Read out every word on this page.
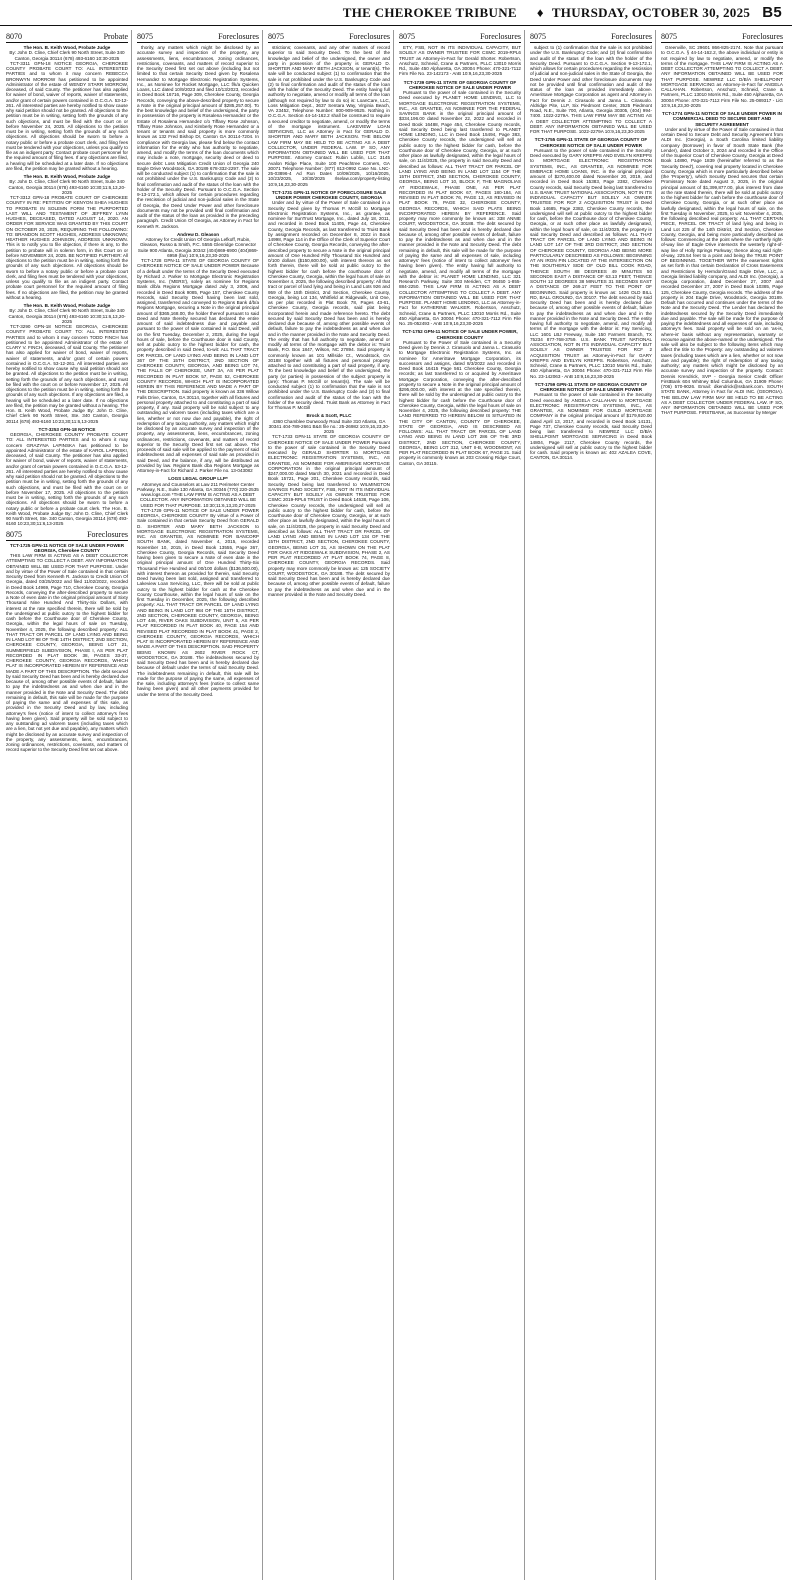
THE CHEROKEE TRIBUNE ♦ THURSDAY, OCTOBER 30, 2025 B5
8070	Probate
The Hon. B. Keith Wood, Probate Judge
By: John D. Cline, Chief Clerk 90 North Street, Suite 340 Canton, Georgia 30114 (678) 493-6160 10:30-2025
TCT-3311 GPN-18 NOTICE GEORGIA, CHEROKEE COUNTY PROBATE COURT TO: ALL INTERESTED PARTIES and to whom it may concern REBECCA BRONWYN MORROW has petitioned to be appointed Administrator of the estate of WENDY STARR MORROW, deceased, of said County. The petitioner has also applied for waiver of bond, waiver of reports, waiver of statements, and/or grant of certain powers contained in O.C.G.A. 53-12-261. All interested parties are hereby notified to show cause why said petition should not be granted. All objections to the petition must be in writing, setting forth the grounds of any such objections, and must be filed with the court on or before November 24, 2025. All objections to the petition must be in writing, setting forth the grounds of any such objections. All objections should be sworn to before a notary public or before a probate court clerk, and filing fees must be tendered with your objections, unless you qualify to file as an indigent party. Contact probate court personnel for the required amount of filing fees. If any objections are filed, a hearing will be scheduled at a later date. If no objections are filed, the petition may be granted without a hearing.
The Hon. B. Keith Wood, Probate Judge
By: John D. Cline, Chief Clerk 90 North Street, Suite 340 Canton, Georgia 30114 (678) 493-6160 10:30;11:6,13,20-2025
TCT-3312 GPN-18 PROBATE COURT OF CHEROKEE COUNTY IN RE: PETITION OF KENYON SHEA HUGHES TO PROBATE IN SOLEMN FORM THE PURPORTED LAST WILL AND TESTAMENT OF JEFFREY LYNN HUGHES, DECEASED, DATED AUGUST 14, 2020. AN ORDER FOR SERVICE WAS GRANTED BY THIS COURT ON OCTOBER 20, 2025, REQUIRING THE FOLLOWING: TO: BRANDON SCOTT HUGHES, ADDRESS UNKNOWN; HEATHER HUGHES JOHNSON, ADDRESS UNKNOWN. This is to notify you to file objection, if there is any, to the petition to probate will in solemn form, in this Court on or before NOVEMBER 24, 2025. BE NOTIFIED FURTHER: All objections to the petition must be in writing, setting forth the grounds of any such objections. All objections should be sworn to before a notary public or before a probate court clerk, and filing fees must be tendered with your objections, unless you qualify to file as an indigent party. Contact probate court personnel for the required amount of filing fees. If no objections are filed, the petition may be granted without a hearing.
The Hon. B. Keith Wood, Probate Judge
By: John D. Cline, Chief Clerk 90 North Street, Suite 340 Canton, Georgia 30114 (678) 493-6160 10:30;11:6,13,20-2025
TCT-3290 GPN-18 NOTICE GEORGIA, CHEROKEE COUNTY PROBATE COURT TO: ALL INTERESTED PARTIES and to whom it may concern TODD FINCH has petitioned to be appointed Administrator of the estate of CLARY V. FINCH, deceased, of said County. The petitioner has also applied for waiver of bond, waiver of reports, waiver of statements, and/or grant of certain powers contained in O.C.G.A. 53-12-261. All interested parties are hereby notified to show cause why said petition should not be granted. All objections to the petition must be in writing, setting forth the grounds of any such objections, and must be filed with the court on or before November 17, 2025. All objections to the petition must be in writing, setting forth the grounds of any such objections. If any objections are filed, a hearing will be scheduled at a later date. If no objections are filed, the petition may be granted without a hearing. The Hon. B. Keith Wood, Probate Judge By: John D. Cline, Chief Clerk 90 North Street, Ste. 340 Canton, Georgia 30114 (678) 493-6160 10:23,30;11:6,13-2025
TCT-3253 GPN-18 NOTICE
GEORGIA, CHEROKEE COUNTY PROBATE COURT TO: ALL INTERESTED PARTIES and to whom it may concern GRAZYNA LAPINSKA has petitioned to be appointed Administrator of the estate of KAROL LAPINSKI, deceased, of said County. The petitioner has also applied for waiver of bond, waiver of reports, waiver of statements, and/or grant of certain powers contained in O.C.G.A. 53-12-261. All interested parties are hereby notified to show cause why said petition should not be granted. All objections to the petition must be in writing, setting forth the grounds of any such objections, and must be filed with the court on or before November 17, 2025. All objections to the petition must be in writing, setting forth the grounds of any such objections. All objections should be sworn to before a notary public or before a probate court clerk. The Hon. B. Keith Wood, Probate Judge By: John D. Cline, Chief Clerk 90 North Street, Ste. 340 Canton, Georgia 30114 (678) 493-6160 10:23,30;11:6,13-2025
8075	Foreclosures
TCT-1725 GPN-11 NOTICE OF SALE UNDER POWER GEORGIA, Cherokee COUNTY
THIS LAW FIRM IS ACTING AS A DEBT COLLECTOR ATTEMPTING TO COLLECT A DEBT. ANY INFORMATION OBTAINED WILL BE USED FOR THAT PURPOSE. Under and by virtue of the Power of Sale contained in that certain Security Deed from Kenneth R. Jackson to Credit Union Of Georgia, dated 03/25/2022 and filed 11/02/2022, recorded in Deed Book 14969, Page 710, Cherokee County, Georgia Records, conveying the after-described property to secure a Note of even date in the original principal amount of Sixty Thousand Nine Hundred And Thirty-Six Dollars, with interest at the rate specified therein, there will be sold by the undersigned at public outcry to the highest bidder for cash before the Courthouse door of Cherokee County, Georgia, within the legal hours of sale on Tuesday, November 4, 2025, the following described property: ALL THAT TRACT OR PARCEL OF LAND LYING AND BEING IN LAND LOT 98 OF THE 14TH DISTRICT, 2ND SECTION, CHEROKEE COUNTY, GEORGIA, BEING LOT 21, SUMMERFIELD SUBDIVISION, PHASE I, AS PER PLAT RECORDED IN PLAT BOOK 38, PAGES 33-37, CHEROKEE COUNTY, GEORGIA RECORDS, WHICH PLAT IS INCORPORATED HEREIN BY REFERENCE AND MADE A PART OF THIS DESCRIPTION. The debt secured by said Security Deed has been and is hereby declared due because of, among other possible events of default, failure to pay the indebtedness as and when due and in the manner provided in the Note and Security Deed. The debt remaining in default, this sale will be made for the purpose of paying the same and all expenses of this sale, as provided in the Security Deed and by law, including attorney's fees (notice of intent to collect attorney's fees having been given). Said property will be sold subject to any outstanding ad valorem taxes (including taxes which are a lien, but not yet due and payable), any matters which might be disclosed by an accurate survey and inspection of the property, any assessments, liens, encumbrances, zoning ordinances, restrictions, covenants, and matters of record superior to the Security Deed first set out above.
8075	Foreclosures
thority, any matters which might be disclosed by an accurate survey and inspection of the property, any assessments, liens, encumbrances, zoning ordinances, restrictions, covenants, and matters of record superior to the Security Deed first set out above (including but not limited to that certain Security Deed given by Rosalena Hernandez to Mortgage Electronic Registration Systems, Inc., as Nominee for Rocket Mortgage, LLC f/k/a Quicken Loans, LLC dated 10/9/2023 and filed 10/13/2023, recorded in Deed Book 16716, Page 309, Cherokee County, Georgia Records, conveying the above-described property to secure a Note in the original principal amount of $285,257.00). To the best knowledge and belief of the undersigned, the party in possession of the property is Rosalena Hernandez or the Estate of Rosalena Hernandez c/o Tiffany Rose Johnson, Tiffany Rose Johnson, and Kimberly Rose Hernandez or a tenant or tenants and said property is more commonly known as 132 Fred Bishop Dr, Canton GA 30114-7204. In compliance with Georgia law, please find below the contact information for the entity who has authority to negotiate, amend, and modify the terms of the loan documents which may include a note, mortgage, security deed or deed to secure debt: Loss Mitigation Credit Union of Georgia 240 Eagle Drive Woodstock, GA 30189 678-332-2297. The sale will be conducted subject (1) to confirmation that the sale is not prohibited under the U.S. Bankruptcy Code and (2) to final confirmation and audit of the status of the loan with the holder of the Security Deed. Pursuant to O.C.G.A. Section 9-13-172.1, which allows for certain procedures regarding the rescission of judicial and non-judicial sales in the State of Georgia, the Deed Under Power and other foreclosure documents may not be provided until final confirmation and audit of the status of the loan as provided in the preceding paragraph. Credit Union Of Georgia, as Attorney in Fact for Kenneth R. Jackson.
Andrew D. Gleason
Attorney for Credit Union Of Georgia Lefkoff, Rubin, Gleason, Russo & Smith, P.C. 5555 Glenridge Connector Suite 900 Atlanta, Georgia 30342 (404)869-6900 (404)869-6959 (fax) 10:9,16,23,30-2025
TCT-1728 GPN-11 STATE OF GEORGIA COUNTY OF CHEROKEE NOTICE OF SALE UNDER POWER Because of a default under the terms of the Security Deed executed by Richard J. Parker to Mortgage Electronic Registration Systems, Inc. ('MERS'), solely as nominee for Regions Bank d/b/a Regions Mortgage dated July 3, 2006, and recorded in Deed Book 9085, Page 157, Cherokee County Records, said Security Deed having been last sold, assigned, transferred and conveyed to Regions Bank d/b/a Regions Mortgage, securing a Note in the original principal amount of $365,168.00, the holder thereof pursuant to said Deed and Note thereby secured has declared the entire amount of said indebtedness due and payable and pursuant to the power of sale contained in said Deed, will on the first Tuesday, December 2, 2025, during the legal hours of sale, before the Courthouse door in said County, sell at public outcry to the highest bidder for cash, the property described in said Deed, to-wit: ALL THAT TRACT OR PARCEL OF LAND LYING AND BEING IN LAND LOT 367 OF THE 15TH DISTRICT, 2ND SECTION OF CHEROKEE COUNTY, GEORGIA, AND BEING LOT 74, THE FALLS OF CHEROKEE, UNIT 3A, AS PER PLAT RECORDED IN PLAT BOOK 57, PAGE 52, CHEROKEE COUNTY RECORDS, WHICH PLAT IS INCORPORATED HEREIN BY THIS REFERENCE AND MADE A PART OF THE DESCRIPTION. Said property is known as 336 Willow Falls Drive, Canton, GA 30114, together with all fixtures and personal property attached to and constituting a part of said property, if any. Said property will be sold subject to any outstanding ad valorem taxes (including taxes which are a lien, whether or not now due and payable), the right of redemption of any taxing authority, any matters which might be disclosed by an accurate survey and inspection of the property, any assessments, liens, encumbrances, zoning ordinances, restrictions, covenants, and matters of record superior to the Security Deed first set out above. The proceeds of said sale will be applied to the payment of said indebtedness and all expenses of said sale as provided in said Deed, and the balance, if any, will be distributed as provided by law. Regions Bank dba Regions Mortgage as Attorney-in-Fact for Richard J. Parker File no. 13-043082
LOGS LEGAL GROUP LLP*
Attorneys and Counselors at Law 211 Perimeter Center Parkway, N.E., Suite 130 Atlanta, GA 30346 (770) 220-2535 www.logs.com *THE LAW FIRM IS ACTING AS A DEBT COLLECTOR. ANY INFORMATION OBTAINED WILL BE USED FOR THAT PURPOSE. 10:30;11:6,13,20,27-2025
TCT-1729 GPN-11 NOTICE OF SALE UNDER POWER GEORGIA, CHEROKEE COUNTY By virtue of a Power of Sale contained in that certain Security Deed from GERALD D. SHORTER AND MARY BETH JACKSON to MORTGAGE ELECTRONIC REGISTRATION SYSTEMS, INC. AS GRANTEE, AS NOMINEE FOR BANCORP SOUTH BANK, dated November 4, 2015, recorded November 10, 2015, in Deed Book 13555, Page 367, Cherokee County, Georgia Records, said Security Deed having been given to secure a Note of even date in the original principal amount of One Hundred Thirty-Six Thousand Five Hundred and 00/100 dollars ($136,500.00), with interest thereon as provided for therein, said Security Deed having been last sold, assigned and transferred to Lakeview Loan Servicing, LLC, there will be sold at public outcry to the highest bidder for cash at the Cherokee County Courthouse, within the legal hours of sale on the first Tuesday in December, 2025, the following described property: ALL THAT TRACT OR PARCEL OF LAND LYING AND BEING IN LAND LOT 984 OF THE 15TH DISTRICT, 2ND SECTION, CHEROKEE COUNTY, GEORGIA, BEING LOT 446, RIVER OAKS SUBDIVISION, UNIT 5, AS PER PLAT RECORDED IN PLAT BOOK 40, PAGE 154 AND REVISED PLAT RECORDED IN PLAT BOOK 41, PAGE 2, CHEROKEE COUNTY, GEORGIA RECORDS, WHICH PLAT IS INCORPORATED HEREIN BY REFERENCE AND MADE A PART OF THIS DESCRIPTION. SAID PROPERTY BEING KNOWN AS 2602 RIVER ROCK CT, WOODSTOCK, GA 30188. The indebtedness secured by said Security Deed has been and is hereby declared due because of default under the terms of said Security Deed. The indebtedness remaining in default, this sale will be made for the purpose of paying the same, all expenses of the sale, including attorney's fees (notice to collect same having been given) and all other payments provided for under the terms of the Security Deed.
8075	Foreclosures
strictions; covenants, and any other matters of record superior to said Security Deed. To the best of the knowledge and belief of the undersigned, the owner and party in possession of the property is GERALD D. SHORTER AND MARY BETH JACKSON, or tenant(s). The sale will be conducted subject (1) to confirmation that the sale is not prohibited under the U.S. Bankruptcy Code and (2) to final confirmation and audit of the status of the loan with the holder of the Security Deed. The entity having full authority to negotiate, amend or modify all terms of the loan (although not required by law to do so) is: LoanCare, LLC, Loss Mitigation Dept., 3637 Sentara Way, Virginia Beach, VA 23452, Telephone Number: 800-909-9525. Nothing in O.C.G.A. Section 44-14-162.2 shall be construed to require a secured creditor to negotiate, amend, or modify the terms of the mortgage instrument. LAKEVIEW LOAN SERVICING, LLC as Attorney in Fact for GERALD D. SHORTER AND MARY BETH JACKSON. THE BELOW LAW FIRM MAY BE HELD TO BE ACTING AS A DEBT COLLECTOR, UNDER FEDERAL LAW. IF SO, ANY INFORMATION OBTAINED WILL BE USED FOR THAT PURPOSE. Attorney Contact: Rubin Lublin, LLC 3145 Avalon Ridge Place, Suite 100 Peachtree Corners, GA 30071 Telephone Number: (877) 813-0992 Case No. LNC-25-03896-4 Ad Run Dates 10/09/2025, 10/16/2025, 10/23/2025, 10/30/2025 rlselaw.com/property-listing 10:9,16,23,30-2025
TCT-1731 GPN-11 NOTICE OF FORECLOSURE SALE UNDER POWER CHEROKEE COUNTY, GEORGIA
Under and by virtue of the Power of Sale contained in a Security Deed given by Thomas P. McGill to Mortgage Electronic Registration Systems, Inc., as grantee, as nominee for SunTrust Mortgage, Inc., dated July 18, 2011, and recorded in Deed Book 11405, Page 44, Cherokee County, Georgia Records, as last transferred to Truist Bank by assignment recorded on December 8, 2022 in Book 14998, Page 114 in the Office of the Clerk of Superior Court of Cherokee County, Georgia Records, conveying the after-described property to secure a Note in the original principal amount of One Hundred Fifty Thousand Six Hundred and 0/100 dollars ($150,600.00), with interest thereon as set forth therein, there will be sold at public outcry to the highest bidder for cash before the courthouse door of Cherokee County, Georgia, within the legal hours of sale on November 4, 2025, the following described property: All that tract or parcel of land lying and being in Land Lots 926 and 959 of the 15th District, 2nd Section, Cherokee County, Georgia, being Lot 134, Whitfield at Ridgewalk, Unit One, as per plat recorded in Plat Book 78, Pages 43-61, Cherokee County, Georgia records, said plat being incorporated herein and made reference hereto. The debt secured by said Security Deed has been and is hereby declared due because of, among other possible events of default, failure to pay the indebtedness as and when due and in the manner provided in the Note and Security Deed. The entity that has full authority to negotiate, amend or modify all terms of the mortgage with the debtor is: Truist Bank, P.O. Box 1847, Wilson, NC 27894. Said property is commonly known as 101 Millside Ct., Woodstock, GA 30188 together with all fixtures and personal property attached to and constituting a part of said property, if any. To the best knowledge and belief of the undersigned, the party (or parties) in possession of the subject property is (are): Thomas P. McGill or tenant(s). The sale will be conducted subject (1) to confirmation that the sale is not prohibited under the U.S. Bankruptcy Code and (2) to final confirmation and audit of the status of the loan with the holder of the security deed. Truist Bank as Attorney in Fact for Thomas P. McGill
Brock & Scott, PLLC
4360 Chamblee Dunwoody Road Suite 310 Atlanta, GA 30341 404-789-2661 B&S file no.: 25-26982 10:9,16,23,30-2025
TCT-1733 GPN-11 STATE OF GEORGIA COUNTY OF CHEROKEE NOTICE OF SALE UNDER POWER Pursuant to the power of sale contained in the Security Deed executed by GERALD SHORTER to MORTGAGE ELECTRONIC REGISTRATION SYSTEMS, INC., AS GRANTEE, AS NOMINEE FOR AMERISAVE MORTGAGE CORPORATION in the original principal amount of $247,000.00 dated March 30, 2021 and recorded in Deed Book 15721, Page 201, Cherokee County records, said Security Deed being last transferred to WILMINGTON SAVINGS FUND SOCIETY, FSB, NOT IN ITS INDIVIDUAL CAPACITY BUT SOLELY AS OWNER TRUSTEE FOR CSMC 2019-RPL6 TRUST in Deed Book 14538, Page 106, Cherokee County records, the undersigned will sell at public outcry to the highest bidder for cash, before the Courthouse door of Cherokee County, Georgia, or at such other place as lawfully designated, within the legal hours of sale, on 11/4/2025, the property in said Security Deed and described as follows: ALL THAT TRACT OR PARCEL OF LAND LYING AND BEING IN LAND LOT 134 OF THE 15TH DISTRICT, 2ND SECTION, CHEROKEE COUNTY, GEORGIA, BEING LOT 31, AS SHOWN ON THE PLAT FOR OAKS AT RIDGEWALK SUBDIVISION, PHASE 2, AS PER PLAT RECORDED AT PLAT BOOK 74, PAGE 8, CHEROKEE COUNTY, GEORGIA RECORDS. Said property may more commonly be known as: 125 SOCIETY COURT, WOODSTOCK, GA 30188. The debt secured by said Security Deed has been and is hereby declared due because of, among other possible events of default, failure to pay the indebtedness as and when due and in the manner provided in the Note and Security Deed.
8075	Foreclosures
ETY, FSB, NOT IN ITS INDIVIDUAL CAPACITY, BUT SOLELY AS OWNER TRUSTEE FOR CSMC 2019-RPL6 TRUST as Attorney-in-Fact for Gerald Shorter. Robertson, Anschutz, Schneid, Crane & Partners, PLLC 13010 Morris Rd., Suite 450 Alpharetta, GA 30004 Phone: 470-321-7112 Firm File No. 23-142173 - AnB 10:9,16,23,30-2025
TCT-1739 GPN-11 STATE OF GEORGIA COUNTY OF CHEROKEE NOTICE OF SALE UNDER POWER
Pursuant to the power of sale contained in the Security Deed executed by PLANET HOME LENDING, LLC to MORTGAGE ELECTRONIC REGISTRATION SYSTEMS, INC., AS GRANTEE, AS NOMINEE FOR THE FEDERAL SAVINGS BANK in the original principal amount of $334,196.00 dated November 22, 2022 and recorded in Deed Book 16488, Page 454, Cherokee County records, said Security Deed being last transferred to PLANET HOME LENDING, LLC in Deed Book 15494, Page 383, Cherokee County records, the undersigned will sell at public outcry to the highest bidder for cash, before the Courthouse door of Cherokee County, Georgia, or at such other place as lawfully designated, within the legal hours of sale, on 11/4/2025, the property in said Security Deed and described as follows: ALL THAT TRACT OR PARCEL OF LAND LYING AND BEING IN LAND LOT 1154 OF THE 15TH DISTRICT, 2ND SECTION, CHEROKEE COUNTY, GEORGIA, BEING LOT 10, BLOCK F, THE MAGNOLIAS AT RIDGEWALK, PHASE ONE, AS PER PLAT RECORDED IN PLAT BOOK 67, PAGES 180-184, AS REVISED IN PLAT BOOK 76, PAGE 13, AS REVISED IN PLAT BOOK 79, PAGE 32, CHEROKEE COUNTY, GEORGIA RECORDS, WHICH SAID PLATS BEING INCORPORATED HEREIN BY REFERENCE. Said property may more commonly be known as: 338 ANNIE COURT, WOODSTOCK, GA 30188. The debt secured by said Security Deed has been and is hereby declared due because of, among other possible events of default, failure to pay the indebtedness as and when due and in the manner provided in the Note and Security Deed. The debt remaining in default, this sale will be made for the purpose of paying the same and all expenses of sale, including attorneys' fees (notice of intent to collect attorneys' fees having been given). The entity having full authority to negotiate, amend, and modify all terms of the mortgage with the debtor is: PLANET HOME LENDING, LLC 321 Research Parkway, Suite 303 Meriden, CT 06450 1-855-884-2250. THIS LAW FIRM IS ACTING AS A DEBT COLLECTOR ATTEMPTING TO COLLECT A DEBT. ANY INFORMATION OBTAINED WILL BE USED FOR THAT PURPOSE. PLANET HOME LENDING, LLC as Attorney-in-Fact for KATHERINE WALKER. Robertson, Anschutz, Schneid, Crane & Partners, PLLC 13010 Morris Rd., Suite 450 Alpharetta, GA 30004 Phone: 470-321-7112 Firm File No. 25-052493 - AnB 10:9,16,23,30-2025
TCT-1752 GPN-11 NOTICE OF SALE UNDER POWER, CHEROKEE COUNTY
Pursuant to the Power of Sale contained in a Security Deed given by Dennis J. Cirasuolo and Janna L. Cirasuolo to Mortgage Electronic Registration Systems, Inc. as nominee for AmeriSave Mortgage Corporation, its successors and assigns, dated 8/3/2022 and recorded in Deed Book 16415 Page 561 Cherokee County, Georgia records; as last transferred to or acquired by AmeriSave Mortgage Corporation, conveying the after-described property to secure a Note in the original principal amount of $295,000.00, with interest at the rate specified therein, there will be sold by the undersigned at public outcry to the highest bidder for cash before the Courthouse door of Cherokee County, Georgia, within the legal hours of sale on November 4, 2025, the following described property: THE LAND REFERRED TO HEREIN BELOW IS SITUATED IN THE CITY OF CANTON, COUNTY OF CHEROKEE, STATE OF GEORGIA, AND IS DESCRIBED AS FOLLOWS: ALL THAT TRACT OR PARCEL OF LAND LYING AND BEING IN LAND LOT 286 OF THE 3RD DISTRICT, 2ND SECTION, CHEROKEE COUNTY, GEORGIA, BEING LOT 312, UNIT II-B, WOODMONT, AS PER PLAT RECORDED IN PLAT BOOK 67, PAGE 21. Said property is commonly known as 203 Crossing Ridge Court, Canton, GA 30115.
8075	Foreclosures
subject to (1) confirmation that the sale is not prohibited under the U.S. Bankruptcy Code; and (2) final confirmation and audit of the status of the loan with the holder of the Security Deed. Pursuant to O.C.G.A. Section 9-13-172.1, which allows for certain procedures regarding the rescission of judicial and non-judicial sales in the State of Georgia, the Deed Under Power and other foreclosure documents may not be provided until final confirmation and audit of the status of the loan as provided immediately above. AmeriSave Mortgage Corporation as agent and Attorney in Fact for Dennis J. Cirasuolo and Janna L. Cirasuolo. Aldridge Pite, LLP, Six Piedmont Center, 3525 Piedmont Road, N.E., Suite 700, Atlanta, Georgia 30305, (404) 994-7400. 1022-2279A. THIS LAW FIRM MAY BE ACTING AS A DEBT COLLECTOR ATTEMPTING TO COLLECT A DEBT. ANY INFORMATION OBTAINED WILL BE USED FOR THAT PURPOSE. 1022-2279A 10:9,16,23,30-2025
TCT-1755 GPN-11 STATE OF GEORGIA COUNTY OF CHEROKEE NOTICE OF SALE UNDER POWER
Pursuant to the power of sale contained in the Security Deed executed by GARY KREPPS AND EVELYN KREPPS to MORTGAGE ELECTRONIC REGISTRATION SYSTEMS, INC., AS GRANTEE, AS NOMINEE FOR EMBRACE HOME LOANS, INC. in the original principal amount of $270,400.00 dated November 20, 2019, and recorded in Deed Book 15383, Page 2382, Cherokee County records, said Security Deed being last transferred to U.S. BANK TRUST NATIONAL ASSOCIATION, NOT IN ITS INDIVIDUAL CAPACITY BUT SOLELY AS OWNER TRUSTEE FOR RCF 2 ACQUISITION TRUST in Deed Book 14685, Page 2382, Cherokee County records, the undersigned will sell at public outcry to the highest bidder for cash, before the Courthouse door of Cherokee County, Georgia, or at such other place as lawfully designated, within the legal hours of sale, on 11/4/2025, the property in said Security Deed and described as follows: ALL THAT TRACT OR PARCEL OF LAND LYING AND BEING IN LAND LOT 147 OF THE 3RD DISTRICT, 2ND SECTION OF CHEROKEE COUNTY, GEORGIA AND BEING MORE PARTICULARLY DESCRIBED AS FOLLOWS: BEGINNING AT AN IRON PIN LOCATED AT THE INTERSECTION ON THE SOUTHERLY SIDE OF OLD BILL COOK ROAD, THENCE SOUTH 88 DEGREES 49 MINUTES 50 SECONDS EAST A DISTANCE OF 63.13 FEET; THENCE SOUTH 12 DEGREES 38 MINUTES 31 SECONDS EAST A DISTANCE OF 269.17 FEET TO THE POINT OF BEGINNING. Said property is known as: 1426 OLD BILL RD, BALL GROUND, GA 30107. The debt secured by said Security Deed has been and is hereby declared due because of, among other possible events of default, failure to pay the indebtedness as and when due and in the manner provided in the Note and Security Deed. The entity having full authority to negotiate, amend, and modify all terms of the mortgage with the debtor is: Fay Servicing, LLC 1601 LBJ Freeway, Suite 150 Farmers Branch, TX 75234 877-768-3759. U.S. BANK TRUST NATIONAL ASSOCIATION, NOT IN ITS INDIVIDUAL CAPACITY BUT SOLELY AS OWNER TRUSTEE FOR RCF 2 ACQUISITION TRUST as Attorney-in-Fact for GARY KREPPS AND EVELYN KREPPS. Robertson, Anschutz, Schneid, Crane & Partners, PLLC 13010 Morris Rd., Suite 450 Alpharetta, GA 30004 Phone: 470-321-7112 Firm File No. 23-142063 - AnB 10:9,16,23,30-2025
TCT-1759 GPN-11 STATE OF GEORGIA COUNTY OF CHEROKEE NOTICE OF SALE UNDER POWER
Pursuant to the power of sale contained in the Security Deed executed by ANGELA CALLAHAN to MORTGAGE ELECTRONIC REGISTRATION SYSTEMS, INC., AS GRANTEE, AS NOMINEE FOR GUILD MORTGAGE COMPANY in the original principal amount of $179,920.00 dated April 13, 2017, and recorded in Deed Book 14131, Page 737, Cherokee County records, said Security Deed being last transferred to NEWREZ LLC D/B/A SHELLPOINT MORTGAGE SERVICING in Deed Book 14804, Page 2117, Cherokee County records, the undersigned will sell at public outcry to the highest bidder for cash. Said property is known as: 402 AZALEA COVE, CANTON, GA 30114.
8075	Foreclosures
Greenville, SC 29601 866-825-2174. Note that pursuant to O.C.G.A. § 44-14-162.2, the above individual or entity is not required by law to negotiate, amend, or modify the terms of the mortgage. THIS LAW FIRM IS ACTING AS A DEBT COLLECTOR ATTEMPTING TO COLLECT A DEBT. ANY INFORMATION OBTAINED WILL BE USED FOR THAT PURPOSE. NEWREZ LLC D/B/A SHELLPOINT MORTGAGE SERVICING as Attorney-in-Fact for ANGELA CALLAHAN. Robertson, Anschutz, Schneid, Crane & Partners, PLLC 13010 Morris Rd., Suite 450 Alpharetta, GA 30004 Phone: 470-321-7112 Firm File No. 25-089317 - LiG 10:9,16,23,30-2025
TCT-1774 GPN-11 NOTICE OF SALE UNDER POWER IN COMMERCIAL DEED TO SECURE DEBT AND SECURITY AGREEMENT
Under and by virtue of the Power of Sale contained in that certain Deed to Secure Debt and Security Agreement from ALDI Inc. (Georgia), a South Carolina limited liability company (Borrower) in favor of South State Bank (the Lender), dated October 3, 2024 and recorded in the Office of the Superior Court of Cherokee County, Georgia at Deed Book 14890, Page 1839 (hereinafter referred to as the 'Security Deed'), covering real property located in Cherokee County, Georgia which is more particularly described below (the 'Property'), which Security Deed secures that certain Promissory Note dated August 3, 2025, in the original principal amount of $1,399,877.00, plus interest from date at the rate stated therein, there will be sold at public outcry to the highest bidder for cash before the courthouse door of Cherokee County, Georgia, or at such other place as lawfully designated, within the legal hours of sale, on the first Tuesday in November, 2025, to wit: November 4, 2025, the following described real property: ALL THAT CERTAIN PIECE, PARCEL OR TRACT of land lying and being in Land Lot 225 of the 14th District, 2nd Section, Cherokee County, Georgia, and being more particularly described as follows: Commencing at the point where the northerly right-of-way line of Eagle Drive intersects the westerly right-of-way line of Holly Springs Parkway; thence along said right-of-way, 225.54 feet to a point and being the TRUE POINT OF BEGINNING. TOGETHER WITH the easement rights as set forth in that certain Declaration of Cross Easements and Restrictions by Herndon/Grand Eagle Drive, LLC, a Georgia limited liability company, and ALDI Inc. (Georgia), a Georgia corporation, dated December 27, 2007 and recorded December 27, 2007 in Deed Book 10385, Page 125, Cherokee County, Georgia records. The address of the property is 204 Eagle Drive, Woodstock, Georgia 30189. Default has occurred and continues under the terms of the Note and the Security Deed. The Lender has declared the indebtedness secured by the Security Deed immediately due and payable. The sale will be made for the purpose of paying the indebtedness and all expenses of sale, including attorney's fees. Said property will be sold on an 'as-is, where-is' basis without any representation, warranty or recourse against the above-named or the undersigned. The sale will also be subject to the following items which may affect the title to the Property: any outstanding ad valorem taxes (including taxes which are a lien, whether or not now due and payable); the right of redemption of any taxing authority; any matters which might be disclosed by an accurate survey and inspection of the property. Contact: Dennis Krendrick, SVP - Georgia Senior Credit Officer FirstBank 604 Whitney Blvd Columbus, GA 31909 Phone: (706) 570-9026. Email: dkendrick@ssbank.com. SOUTH STATE BANK, Attorney in Fact for ALDI INC. (GEORGIA). THE BELOW LAW FIRM MAY BE HELD TO BE ACTING AS A DEBT COLLECTOR UNDER FEDERAL LAW. IF SO, ANY INFORMATION OBTAINED WILL BE USED FOR THAT PURPOSE. FIRSTBANK, as Successor by Merger
